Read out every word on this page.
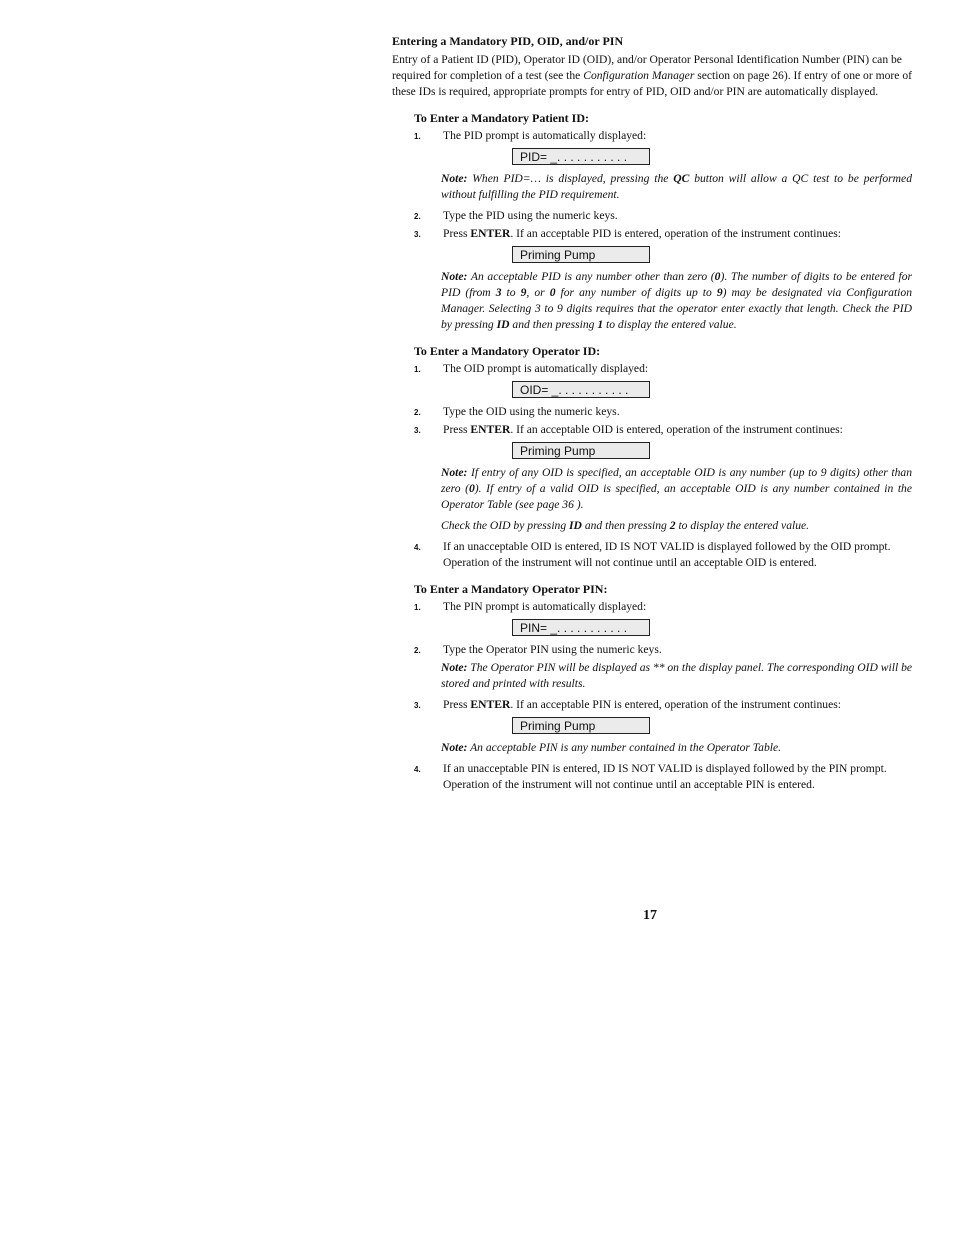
Entering a Mandatory PID, OID, and/or PIN
Entry of a Patient ID (PID), Operator ID (OID), and/or Operator Personal Identification Number (PIN) can be required for completion of a test (see the Configuration Manager section on page 26). If entry of one or more of these IDs is required, appropriate prompts for entry of PID, OID and/or PIN are automatically displayed.
To Enter a Mandatory Patient ID:
1.	The PID prompt is automatically displayed:
PID= _. . . . . . . . . . .
Note: When PID=… is displayed, pressing the QC button will allow a QC test to be performed without fulfilling the PID requirement.
2.	Type the PID using the numeric keys.
3.	Press ENTER. If an acceptable PID is entered, operation of the instrument continues:
Priming Pump
Note: An acceptable PID is any number other than zero (0). The number of digits to be entered for PID (from 3 to 9, or 0 for any number of digits up to 9) may be designated via Configuration Manager. Selecting 3 to 9 digits requires that the operator enter exactly that length. Check the PID by pressing ID and then pressing 1 to display the entered value.
To Enter a Mandatory Operator ID:
1.	The OID prompt is automatically displayed:
OID= _. . . . . . . . . . .
2.	Type the OID using the numeric keys.
3.	Press ENTER. If an acceptable OID is entered, operation of the instrument continues:
Priming Pump
Note: If entry of any OID is specified, an acceptable OID is any number (up to 9 digits) other than zero (0). If entry of a valid OID is specified, an acceptable OID is any number contained in the Operator Table (see page 36 ).
Check the OID by pressing ID and then pressing 2 to display the entered value.
4.	If an unacceptable OID is entered, ID IS NOT VALID is displayed followed by the OID prompt. Operation of the instrument will not continue until an acceptable OID is entered.
To Enter a Mandatory Operator PIN:
1.	The PIN prompt is automatically displayed:
PIN= _. . . . . . . . . . .
2.	Type the Operator PIN using the numeric keys.
Note: The Operator PIN will be displayed as ** on the display panel. The corresponding OID will be stored and printed with results.
3.	Press ENTER. If an acceptable PIN is entered, operation of the instrument continues:
Priming Pump
Note: An acceptable PIN is any number contained in the Operator Table.
4.	If an unacceptable PIN is entered, ID IS NOT VALID is displayed followed by the PIN prompt. Operation of the instrument will not continue until an acceptable PIN is entered.
17
